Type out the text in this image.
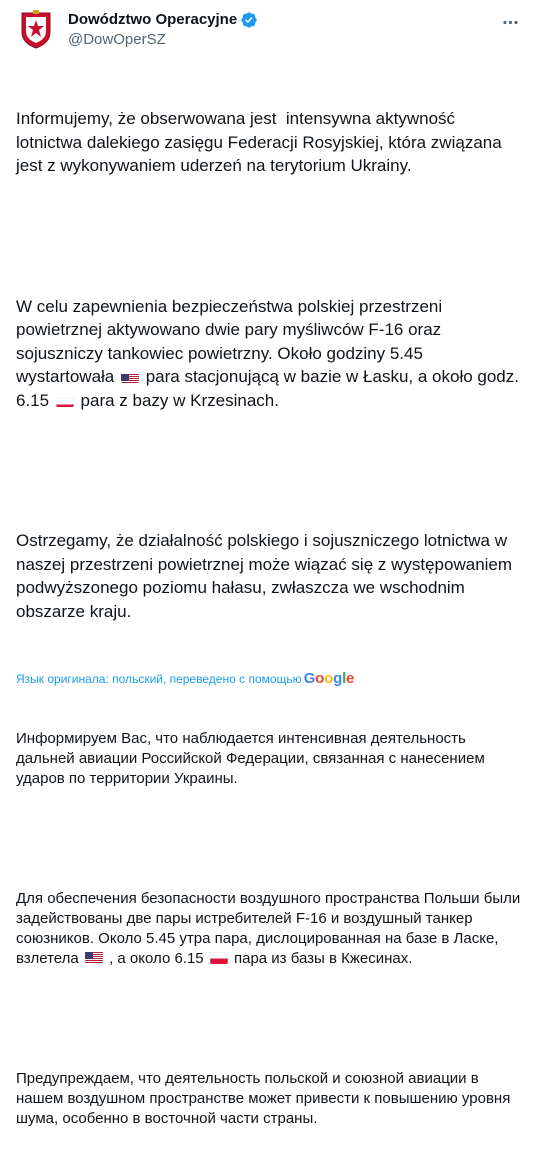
Dowództwo Operacyjne
@DowOperSZ

Informujemy, że obserwowana jest  intensywna aktywność lotnictwa dalekiego zasięgu Federacji Rosyjskiej, która związana jest z wykonywaniem uderzeń na terytorium Ukrainy.

W celu zapewnienia bezpieczeństwa polskiej przestrzeni powietrznej aktywowano dwie pary myśliwców F-16 oraz sojuszniczy tankowiec powietrzny. Około godziny 5.45 wystartowała  para stacjonującą w bazie w Łasku, a około godz. 6.15  para z bazy w Krzesinach.

Ostrzegamy, że działalność polskiego i sojuszniczego lotnictwa w naszej przestrzeni powietrznej może wiązać się z występowaniem podwyższonego poziomu hałasu, zwłaszcza we wschodnim obszarze kraju.

Язык оригинала: польский, переведено с помощью Google

Информируем Вас, что наблюдается интенсивная деятельность дальней авиации Российской Федерации, связанная с нанесением ударов по территории Украины.

Для обеспечения безопасности воздушного пространства Польши были задействованы две пары истребителей F-16 и воздушный танкер союзников. Около 5.45 утра пара, дислоцированная на базе в Ласке, взлетела  , а около 6.15  пара из базы в Кжесинах.

Предупреждаем, что деятельность польской и союзной авиации в нашем воздушном пространстве может привести к повышению уровня шума, особенно в восточной части страны.
